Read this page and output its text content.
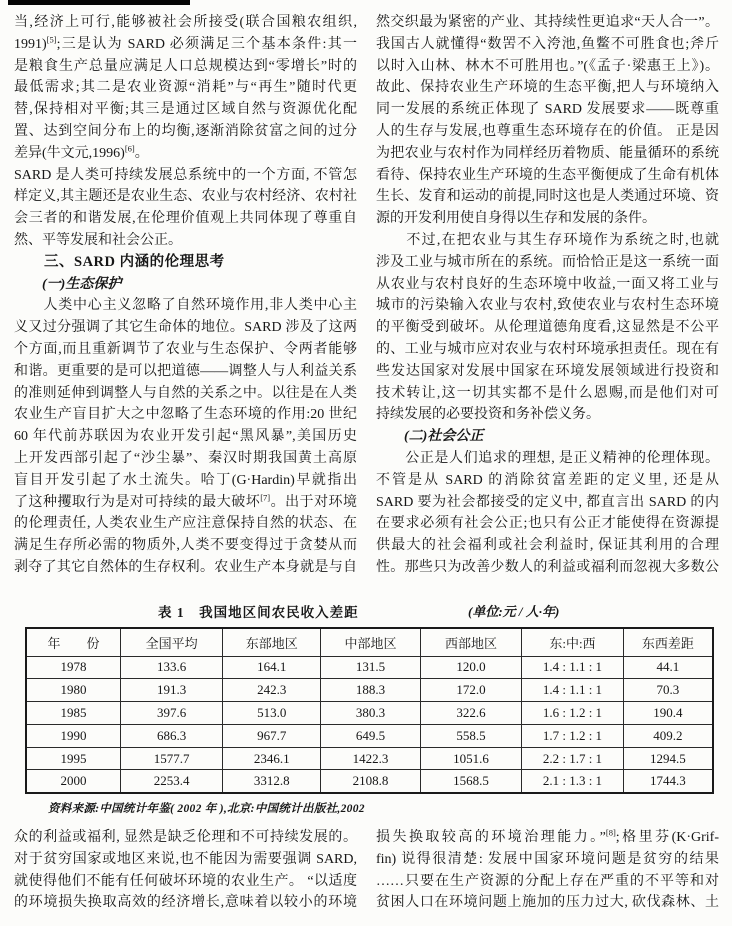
当,经济上可行,能够被社会所接受(联合国粮农组织,
1991)[5];三是认为 SARD 必须满足三个基本条件:其一
是粮食生产总量应满足人口总规模达到“零增长”时的
最低需求;其二是农业资源“消耗”与“再生”随时代更
替,保持相对平衡;其三是通过区域自然与资源优化配
置、达到空间分布上的均衡,逐渐消除贫富之间的过分
差异(牛文元,1996)[6]。
SARD 是人类可持续发展总系统中的一个方面, 不管怎
样定义,其主题还是农业生态、农业与农村经济、农村社
会三者的和谐发展,在伦理价值观上共同体现了尊重自
然、平等发展和社会公正。
　　三、SARD 内涵的伦理思考
　　(一)生态保护
　　人类中心主义忽略了自然环境作用,非人类中心主
义又过分强调了其它生命体的地位。SARD 涉及了这两
个方面,而且重新调节了农业与生态保护、令两者能够
和谐。更重要的是可以把道德——调整人与人利益关系
的准则延伸到调整人与自然的关系之中。以往是在人类
农业生产盲目扩大之中忽略了生态环境的作用:20 世纪
60 年代前苏联因为农业开发引起“黑风暴”,美国历史
上开发西部引起了“沙尘暴”、秦汉时期我国黄土高原
盲目开发引起了水土流失。哈丁(G·Hardin)早就指出
了这种攫取行为是对可持续的最大破坏[7]。出于对环境
的伦理责任, 人类农业生产应注意保持自然的状态、在
满足生存所必需的物质外,人类不要变得过于贪婪从而
剥夺了其它自然体的生存权利。农业生产本身就是与自
然交织最为紧密的产业、其持续性更追求“天人合一”。
我国古人就懂得“数罟不入洿池,鱼鳖不可胜食也;斧斤
以时入山林、林木不可胜用也。”(《孟子·梁惠王上》)。
故此、保持农业生产环境的生态平衡,把人与环境纳入
同一发展的系统正体现了 SARD 发展要求——既尊重
人的生存与发展,也尊重生态环境存在的价值。 正是因
为把农业与农村作为同样经历着物质、能量循环的系统
看待、保持农业生产环境的生态平衡便成了生命有机体
生长、发育和运动的前提,同时这也是人类通过环境、资
源的开发利用使自身得以生存和发展的条件。
　　不过,在把农业与其生存环境作为系统之时,也就
涉及工业与城市所在的系统。而恰恰正是这一系统一面
从农业与农村良好的生态环境中收益,一面又将工业与
城市的污染输入农业与农村,致使农业与农村生态环境
的平衡受到破坏。从伦理道德角度看,这显然是不公平
的、工业与城市应对农业与农村环境承担责任。现在有
些发达国家对发展中国家在环境发展领域进行投资和
技术转让,这一切其实都不是什么恩赐,而是他们对可
持续发展的必要投资和务补偿义务。
　　(二)社会公正
　　公正是人们追求的理想, 是正义精神的伦理体现。
不管是从 SARD 的消除贫富差距的定义里, 还是从
SARD 要为社会都接受的定义中, 都直言出 SARD 的内
在要求必须有社会公正;也只有公正才能使得在资源提
供最大的社会福利或社会利益时, 保证其利用的合理
性。那些只为改善少数人的利益或福利而忽视大多数公
表 1　我国地区间农民收入差距	(单位:元 / 人·年)
年　　份	全国平均	东部地区	中部地区	西部地区	东:中:西	东西差距
1978	133.6	164.1	131.5	120.0	1.4 : 1.1 : 1	44.1
1980	191.3	242.3	188.3	172.0	1.4 : 1.1 : 1	70.3
1985	397.6	513.0	380.3	322.6	1.6 : 1.2 : 1	190.4
1990	686.3	967.7	649.5	558.5	1.7 : 1.2 : 1	409.2
1995	1577.7	2346.1	1422.3	1051.6	2.2 : 1.7 : 1	1294.5
2000	2253.4	3312.8	2108.8	1568.5	2.1 : 1.3 : 1	1744.3
资料来源:中国统计年鉴( 2002 年 ),北京:中国统计出版社,2002
众的利益或福利, 显然是缺乏伦理和不可持续发展的。
对于贫穷国家或地区来说,也不能因为需要强调 SARD,
就使得他们不能有任何破坏环境的农业生产。 “以适度
的环境损失换取高效的经济增长,意味着以较小的环境
损失换取较高的环境治理能力。”[8];格里芬(K·Grif-
fin) 说得很清楚: 发展中国家环境问题是贫穷的结果
……只要在生产资源的分配上存在严重的不平等和对
贫困人口在环境问题上施加的压力过大, 砍伐森林、土
